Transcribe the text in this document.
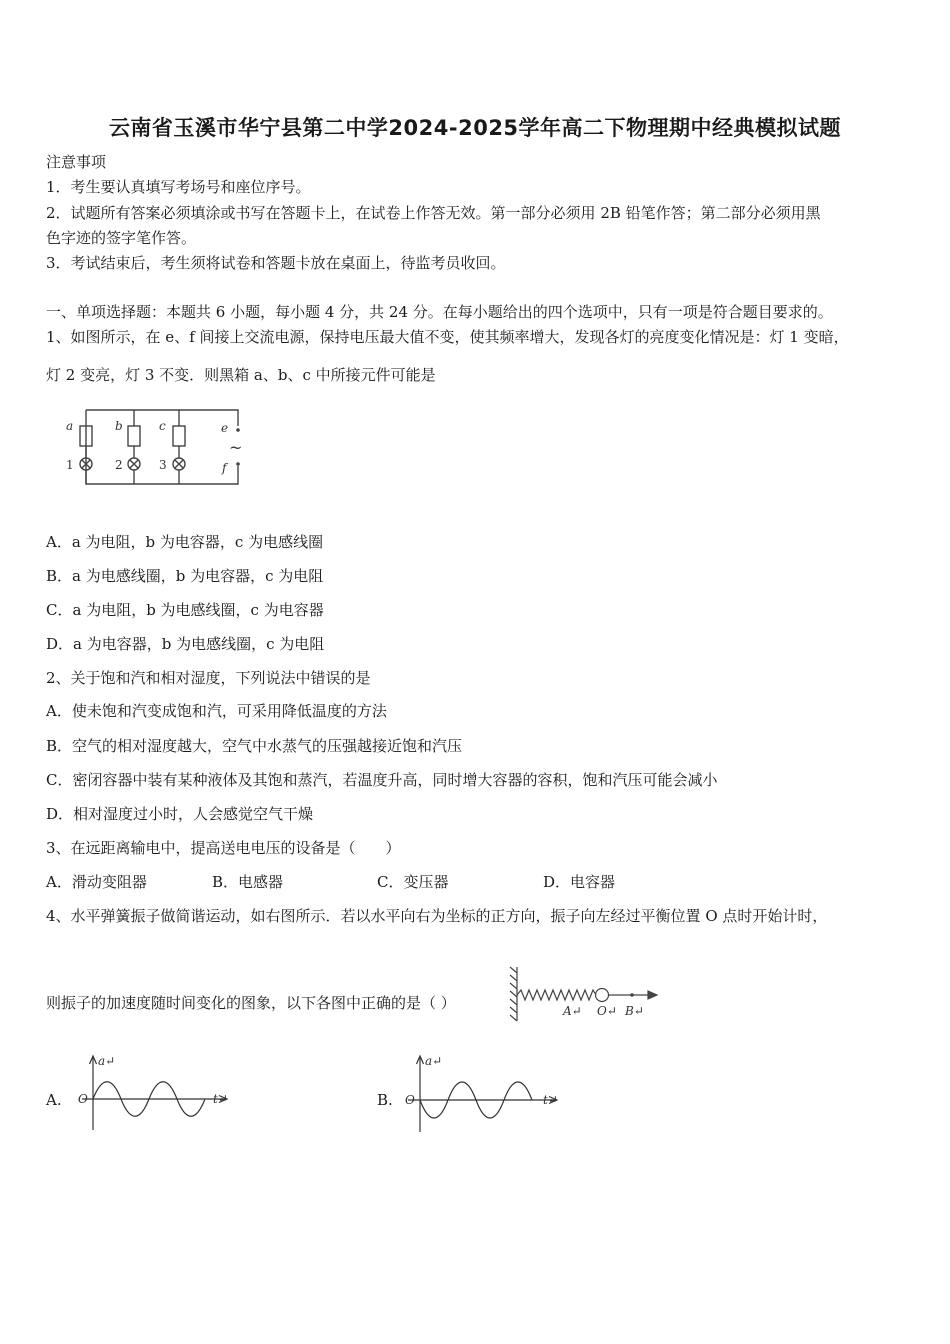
云南省玉溪市华宁县第二中学2024-2025学年高二下物理期中经典模拟试题
注意事项
1．考生要认真填写考场号和座位序号。
2．试题所有答案必须填涂或书写在答题卡上，在试卷上作答无效。第一部分必须用 2B 铅笔作答；第二部分必须用黑
色字迹的签字笔作答。
3．考试结束后，考生须将试卷和答题卡放在桌面上，待监考员收回。
一、单项选择题：本题共 6 小题，每小题 4 分，共 24 分。在每小题给出的四个选项中，只有一项是符合题目要求的。
1、如图所示，在 e、f 间接上交流电源，保持电压最大值不变，使其频率增大，发现各灯的亮度变化情况是：灯 1 变暗，
灯 2 变亮，灯 3 不变．则黑箱 a、b、c 中所接元件可能是
a	b	c
1	2	3
e
f
~
A．a 为电阻，b 为电容器，c 为电感线圈
B．a 为电感线圈，b 为电容器，c 为电阻
C．a 为电阻，b 为电感线圈，c 为电容器
D．a 为电容器，b 为电感线圈，c 为电阻
2、关于饱和汽和相对湿度，下列说法中错误的是
A．使未饱和汽变成饱和汽，可采用降低温度的方法
B．空气的相对湿度越大，空气中水蒸气的压强越接近饱和汽压
C．密闭容器中装有某种液体及其饱和蒸汽，若温度升高，同时增大容器的容积，饱和汽压可能会减小
D．相对湿度过小时，人会感觉空气干燥
3、在远距离输电中，提高送电电压的设备是（　　）
A．滑动变阻器	B．电感器	C．变压器	D．电容器
4、水平弹簧振子做简谐运动，如右图所示．若以水平向右为坐标的正方向，振子向左经过平衡位置 O 点时开始计时，
则振子的加速度随时间变化的图象，以下各图中正确的是（ ）	A↵ O↵ B↵
A.
a↵
t↵
O	B.
a↵
t↵
O
